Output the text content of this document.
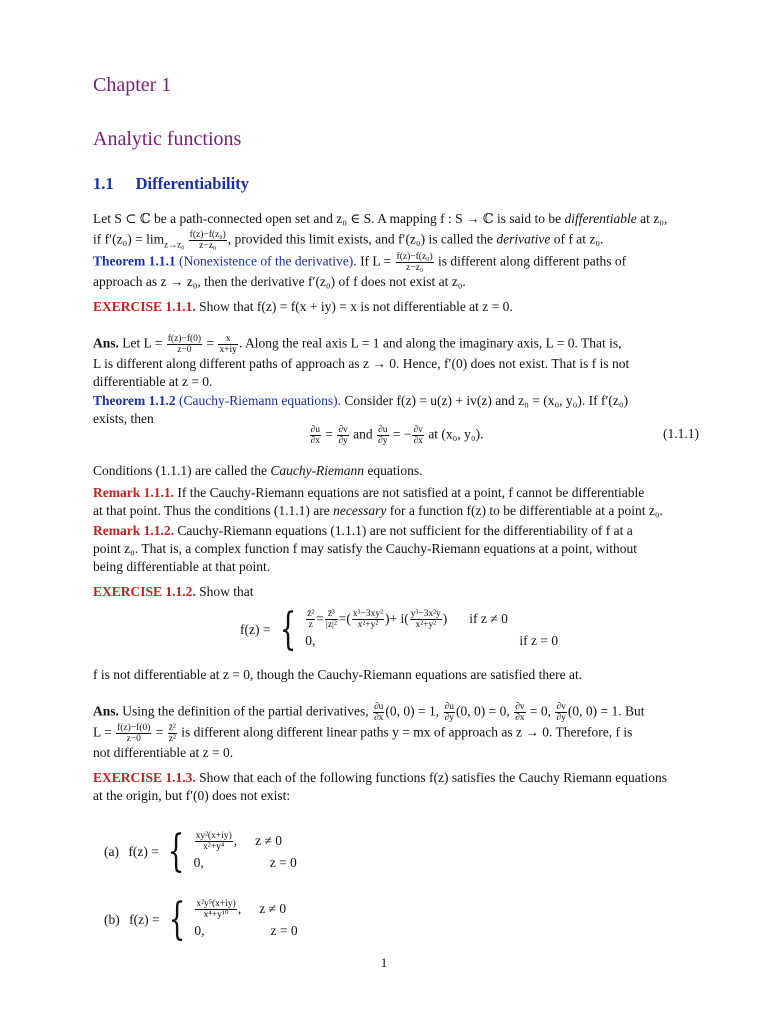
Chapter 1
Analytic functions
1.1 Differentiability
Let S ⊂ ℂ be a path-connected open set and z₀ ∈ S. A mapping f : S → ℂ is said to be differentiable at z₀,
if $f'(z_0) = \lim_{z\to z_0} \frac{\text{f(z)−f(z₀)}}{\text{z−z₀}}$ , provided this limit exists, and f′(z₀) is called the derivative of f at z₀.
Theorem 1.1.1 (Nonexistence of the derivative). If $L = \frac{\text{f(z)−f(z₀)}}{\text{z−z₀}}$ is different along different paths of
approach as z → z₀, then the derivative f′(z₀) of f does not exist at z₀.
EXERCISE 1.1.1. Show that f(z) = f(x + iy) = x is not differentiable at z = 0.
Ans. Let $L = \frac{f(z)-f(0)}{z-0} = \frac{x}{x+iy}$ . Along the real axis L = 1 and along the imaginary axis, L = 0. That is,
L is different along different paths of approach as z → 0. Hence, f′(0) does not exist. That is f is not
differentiable at z = 0.
Theorem 1.1.2 (Cauchy-Riemann equations). Consider f(z) = u(z) + iv(z) and z₀ = (x₀, y₀). If f′(z₀)
exists, then
$\frac{\partial u}{\partial x} = \frac{\partial v}{\partial y}$ and $\frac{\partial u}{\partial y}$ = − $\frac{\partial v}{\partial x}$ at (x₀, y₀).	(1.1.1)
Conditions (1.1.1) are called the Cauchy-Riemann equations.
Remark 1.1.1. If the Cauchy-Riemann equations are not satisfied at a point, f cannot be differentiable
at that point. Thus the conditions (1.1.1) are necessary for a function f(z) to be differentiable at a point z₀.
Remark 1.1.2. Cauchy-Riemann equations (1.1.1) are not sufficient for the differentiability of f at a
point z₀. That is, a complex function f may satisfy the Cauchy-Riemann equations at a point, without
being differentiable at that point.
EXERCISE 1.1.2. Show that
f(z) = { $\frac{\text{z̄²}}{z} = \frac{\text{z̄³}}{\text{|z|²}}$ = ( $\frac{\text{x³−3xy²}}{\text{x²+y²}}$ ) + i ( $\frac{\text{y³−3x²y}}{\text{x²+y²}}$ ) if z ≠ 0
0,	if z = 0
f is not differentiable at z = 0, though the Cauchy-Riemann equations are satisfied there at.
Ans. Using the definition of the partial derivatives, $\frac{\partial u}{\partial x} (0$, 0) = 1, $\frac{\partial u}{\partial y} (0$, 0) = 0, $\frac{\partial v}{\partial x} = 0$, $\frac{\partial v}{\partial y} (0$, 0) = 1. But
$L = \frac{f(z)-f(0)}{z-0} = \frac{\text{z̄²}}{\text{z²}}$ is different along different linear paths y = mx of approach as z → 0. Therefore, f is
not differentiable at z = 0.
EXERCISE 1.1.3. Show that each of the following functions f(z) satisfies the Cauchy Riemann equations
at the origin, but f′(0) does not exist:
(a) f(z) = { $\frac{\text{xy²(x+iy)}}{\text{x²+y⁴}}$ , z ≠ 0
0,	z = 0
(b) f(z) = { $\frac{\text{x²y⁵(x+iy)}}{\text{x⁴+y¹⁰}}$ , z ≠ 0
0,	z = 0
1
